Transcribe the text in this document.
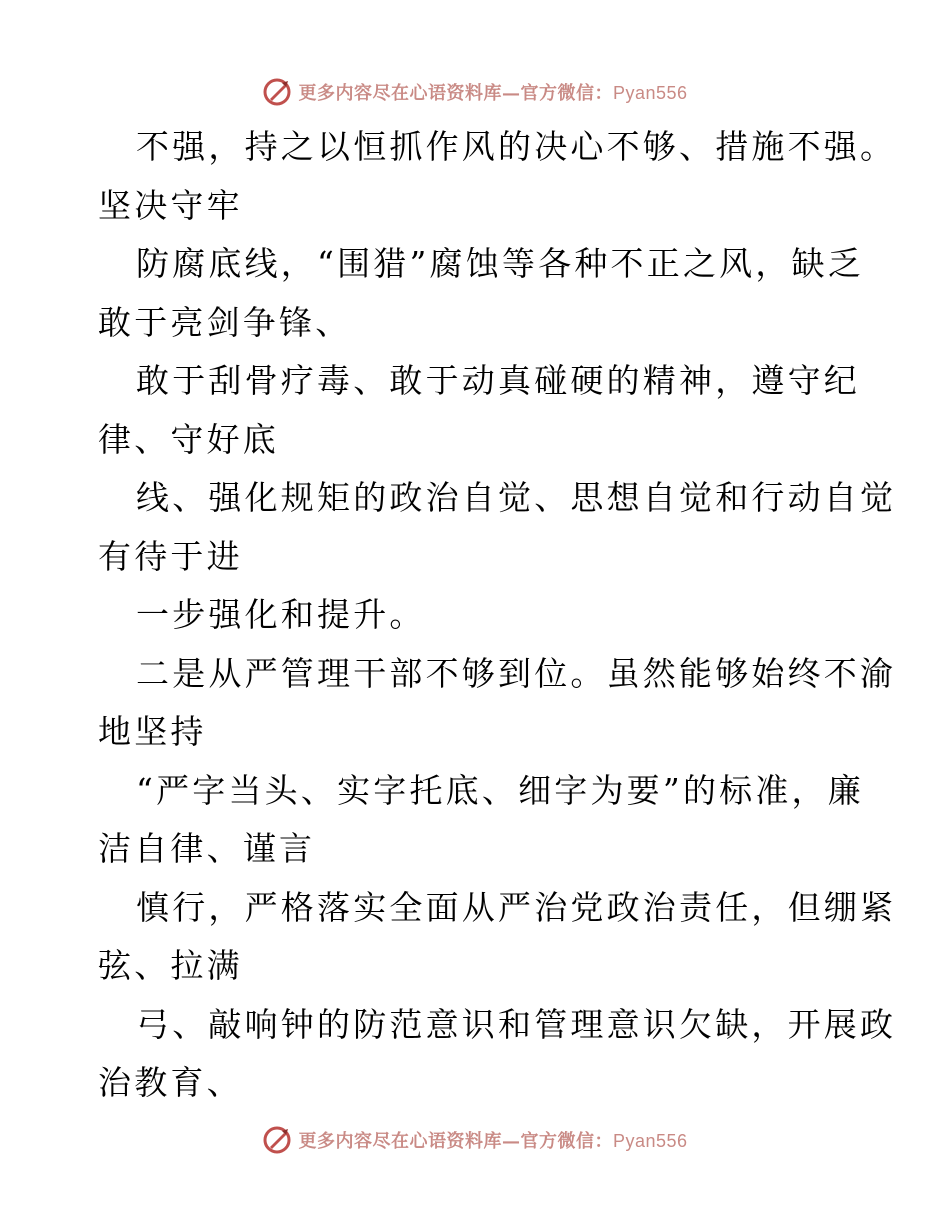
更多内容尽在心语资料库—官方微信：Pyan556
不强，持之以恒抓作风的决心不够、措施不强。
坚决守牢
防腐底线，“围猎”腐蚀等各种不正之风，缺乏
敢于亮剑争锋、
敢于刮骨疗毒、敢于动真碰硬的精神，遵守纪
律、守好底
线、强化规矩的政治自觉、思想自觉和行动自觉
有待于进
一步强化和提升。
二是从严管理干部不够到位。虽然能够始终不渝
地坚持
“严字当头、实字托底、细字为要”的标准，廉
洁自律、谨言
慎行，严格落实全面从严治党政治责任，但绷紧
弦、拉满
弓、敲响钟的防范意识和管理意识欠缺，开展政
治教育、
更多内容尽在心语资料库—官方微信：Pyan556
